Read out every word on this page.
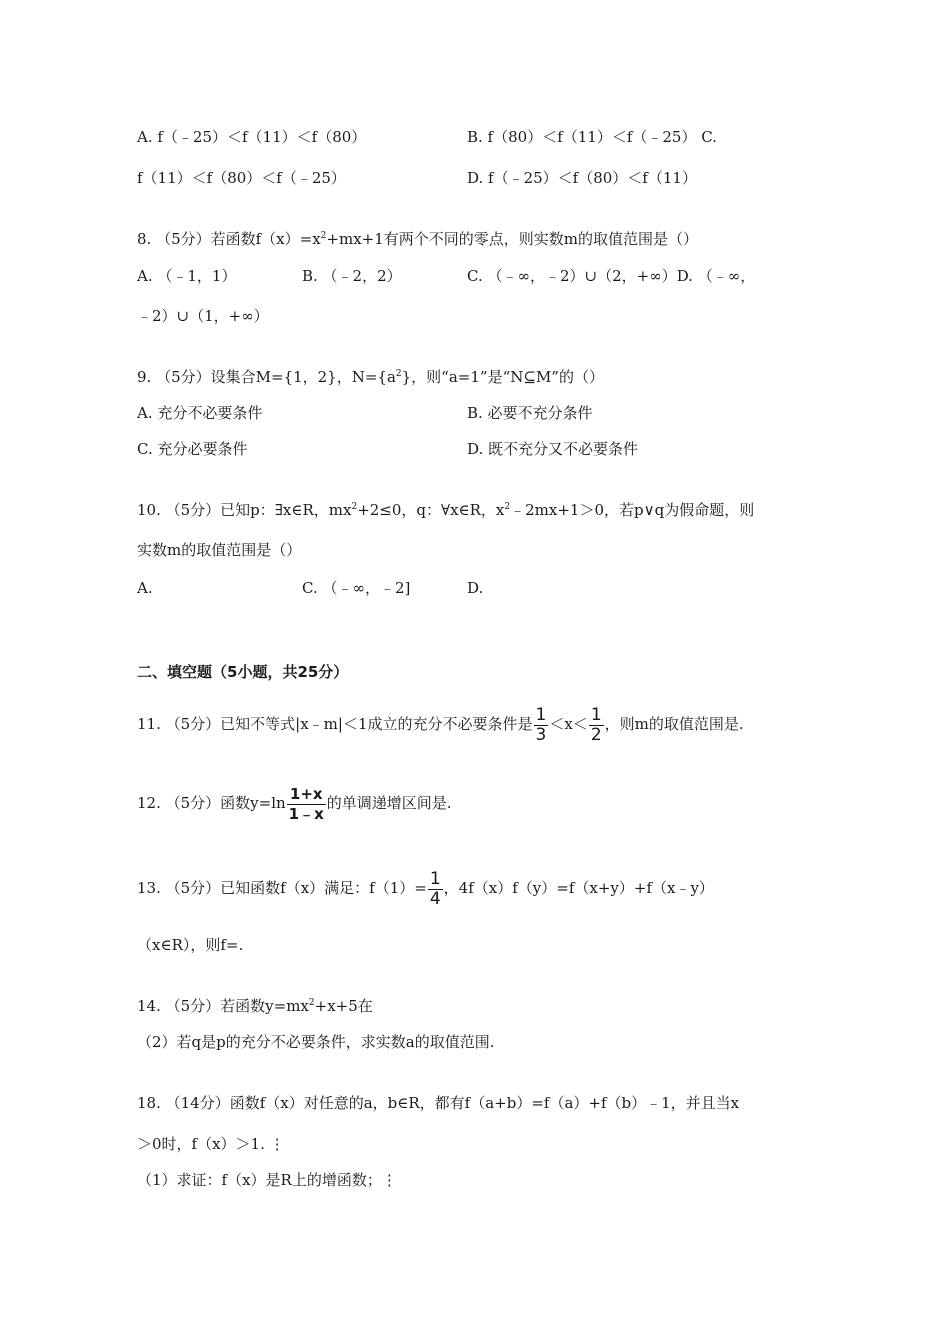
A. f（﹣25）＜f（11）＜f（80）	B. f（80）＜f（11）＜f（﹣25） C.
f（11）＜f（80）＜f（﹣25）	D. f（﹣25）＜f（80）＜f（11）
8. （5分）若函数$f(x)=x^2+mx+1$有两个不同的零点，则实数m的取值范围是（）
A. （﹣1，1）	B. （﹣2，2）	C. （﹣∞，﹣2）∪（2，+∞）D. （﹣∞，
﹣2）∪（1，+∞）
9. （5分）设集合M={1，2}，$N=\{a^2\}$，则“a=1”是“N⊆M”的（）
A. 充分不必要条件	B. 必要不充分条件
C. 充分必要条件	D. 既不充分又不必要条件
10. （5分）已知p：∃x∈R，$mx^2+2\le 0$，q：∀x∈R，$x^2﹣2mx+1>0$，若p∨q为假命题，则
实数m的取值范围是（）
A.	C. （﹣∞，﹣2]	D.
二、填空题（5小题，共25分）
11. （5分）已知不等式|x﹣m|＜1成立的充分不必要条件是 $\frac{1}{3} <x< \frac{1}{2}$ ，则m的取值范围是.
12. （5分）函数$y=\ln \frac{1+x}{1﹣x}$ 的单调递增区间是.
13. （5分）已知函数f（x）满足：$f(1)= \frac{1}{4}$ ，4f（x）f（y）=f（x+y）+f（x﹣y）
（x∈R），则f=.
14. （5分）若函数$y=mx^2+x+5$在
（2）若q是p的充分不必要条件，求实数a的取值范围.
18. （14分）函数f（x）对任意的a，b∈R，都有f（a+b）=f（a）+f（b）﹣1，并且当x
＞0时，f（x）＞1. ⋮
（1）求证：f（x）是R上的增函数；⋮
